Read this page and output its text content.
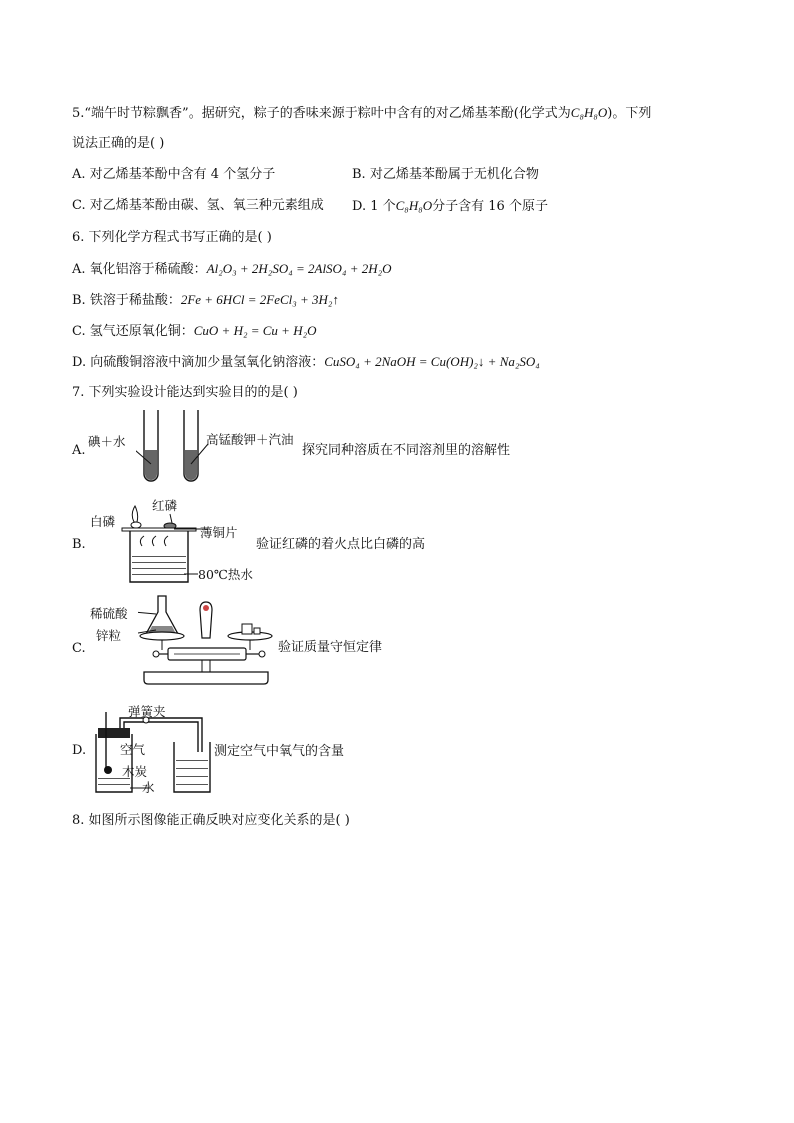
5.“端午时节粽飘香”。据研究，粽子的香味来源于粽叶中含有的对乙烯基苯酚(化学式为C₈H₈O)。下列
说法正确的是( )
A. 对乙烯基苯酚中含有 4 个氢分子	B. 对乙烯基苯酚属于无机化合物
C. 对乙烯基苯酚由碳、氢、氧三种元素组成 D. 1 个C₈H₈O分子含有 16 个原子
6. 下列化学方程式书写正确的是( )
A. 氧化铝溶于稀硫酸：Al₂O₃ + 2H₂SO₄ = 2AlSO₄ + 2H₂O
B. 铁溶于稀盐酸：2Fe + 6HCl = 2FeCl₃ + 3H₂↑
C. 氢气还原氧化铜：CuO + H₂ = Cu + H₂O
D. 向硫酸铜溶液中滴加少量氢氧化钠溶液：CuSO₄ + 2NaOH = Cu(OH)₂↓ + Na₂SO₄
7. 下列实验设计能达到实验目的的是( )
A.
碘＋水	高锰酸钾＋汽油
探究同种溶质在不同溶剂里的溶解性
B.
白磷
红磷
薄铜片
80℃热水
验证红磷的着火点比白磷的高
C.
稀硫酸
锌粒
验证质量守恒定律
D.
弹簧夹
空气
木炭
水
测定空气中氧气的含量
8. 如图所示图像能正确反映对应变化关系的是( )
